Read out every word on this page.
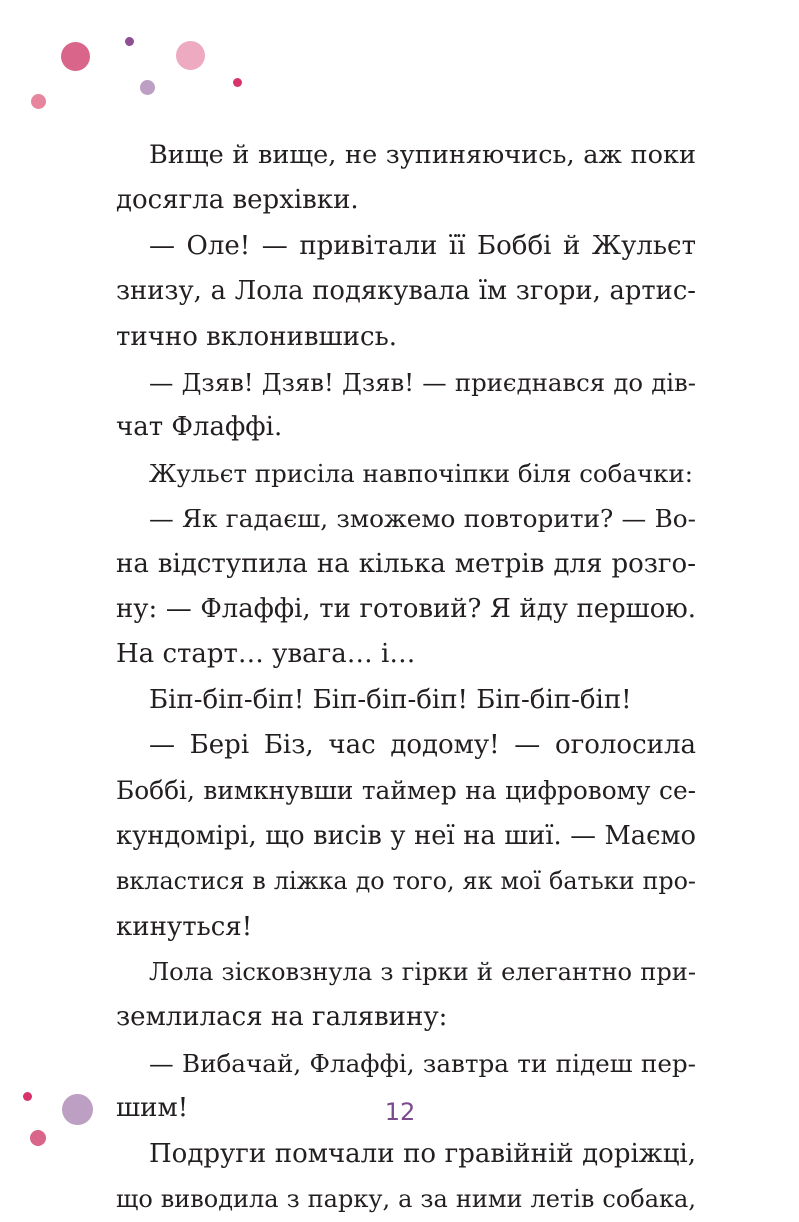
Вище й вище, не зупиняючись, аж поки
досягла верхівки.
— Оле! — привітали її Боббі й Жульєт
знизу, а Лола подякувала їм згори, артис-
тично вклонившись.
— Дзяв! Дзяв! Дзяв! — приєднався до дів-
чат Флаффі.
Жульєт присіла навпочіпки біля собачки:
— Як гадаєш, зможемо повторити? — Во-
на відступила на кілька метрів для розго-
ну: — Флаффі, ти готовий? Я йду першою.
На старт… увага… і…
Біп-біп-біп! Біп-біп-біп! Біп-біп-біп!
— Бері Біз, час додому! — оголосила
Боббі, вимкнувши таймер на цифровому се-
кундомірі, що висів у неї на шиї. — Маємо
вкластися в ліжка до того, як мої батьки про-
кинуться!
Лола зісковзнула з гірки й елегантно при-
землилася на галявину:
— Вибачай, Флаффі, завтра ти підеш пер-
шим!
Подруги помчали по гравійній доріжці,
що виводила з парку, а за ними летів собака,
12
